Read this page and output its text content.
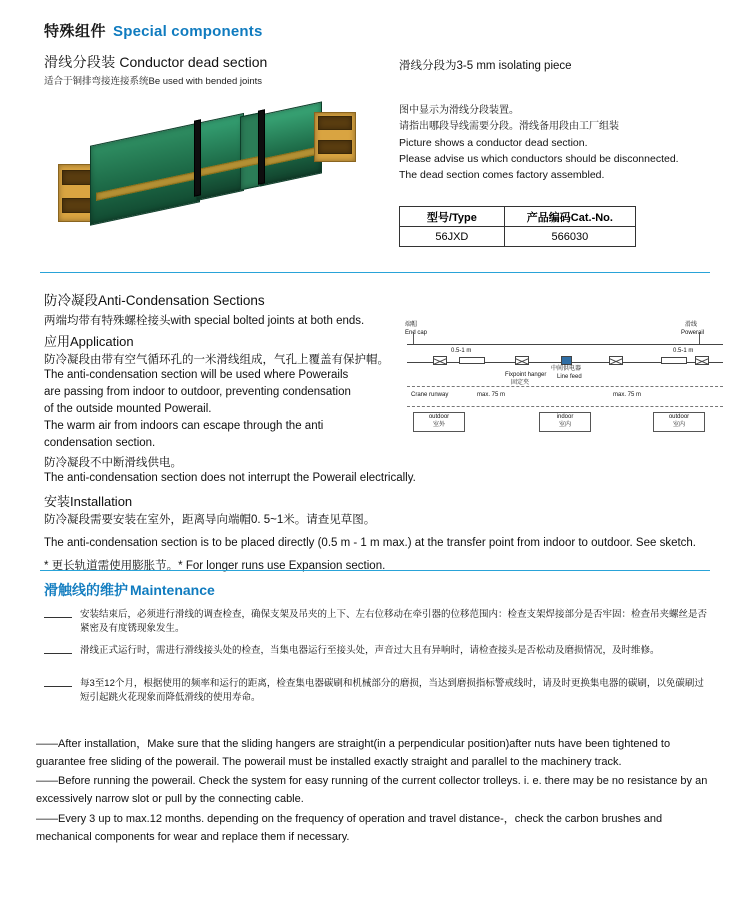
特殊组件 Special components
滑线分段装 Conductor dead section
适合于铜排弯接连接系统Be used with bended joints
滑线分段为3-5 mm isolating piece
图中显示为滑线分段装置。
请指出哪段导线需要分段。滑线备用段由工厂组装
Picture shows a conductor dead section.
Please advise us which conductors should be disconnected.
The dead section comes factory assembled.
型号/Type	产品编码Cat.-No.
56JXD	566030
防冷凝段Anti-Condensation Sections
两端均带有特殊螺栓接头with special bolted joints at both ends.
应用Application
防冷凝段由带有空气循环孔的一米滑线组成，气孔上覆盖有保护帽。
The anti-condensation section will be used where Powerails
are passing from indoor to outdoor, preventing condensation
of the outside mounted Powerail.
The warm air from indoors can escape through the anti
condensation section.
防冷凝段不中断滑线供电。
The anti-condensation section does not interrupt the Powerail electrically.
安装Installation
防冷凝段需要安装在室外，距离导向端帽0. 5~1米。请查见草图。
The anti-condensation section is to be placed directly (0.5 m - 1 m max.) at the transfer point from indoor to outdoor. See sketch.
* 更长轨道需使用膨胀节。* For longer runs use Expansion section.
端帽
End cap
滑线
Powerail
0.5-1 m	0.5-1 m
Fixpoint hanger
固定夹
中间供电器
Line feed
Crane runway	max. 75 m	max. 75 m
outdoor
室外
indoor
室内
outdoor
室内
滑触线的维护 Maintenance
安装结束后，必须进行滑线的调查检查，确保支架及吊夹的上下、左右位移动在牵引器的位移范围内：检查支架焊接部分是否牢固：检查吊夹螺丝是否紧密及有度锈现象发生。
滑线正式运行时，需进行滑线接头处的检查，当集电器运行至接头处，声音过大且有异响时，请检查接头是否松动及磨损情况，及时维修。
每3至12个月，根据使用的频率和运行的距离，检查集电器碳刷和机械部分的磨损，当达到磨损指标警戒线时，请及时更换集电器的碳刷，以免碳刷过短引起跳火花现象而降低滑线的使用寿命。
——After installation，Make sure that the sliding hangers are straight(in a perpendicular position)after nuts have been tightened to guarantee free sliding of the powerail. The powerail must be installed exactly straight and parallel to the machinery track.
——Before running the powerail. Check the system for easy running of the current collector trolleys. i. e. there may be no resistance by an excessively narrow slot or pull by the connecting cable.
——Every 3 up to max.12 months. depending on the frequency of operation and travel distance-，check the carbon brushes and mechanical components for wear and replace them if necessary.
